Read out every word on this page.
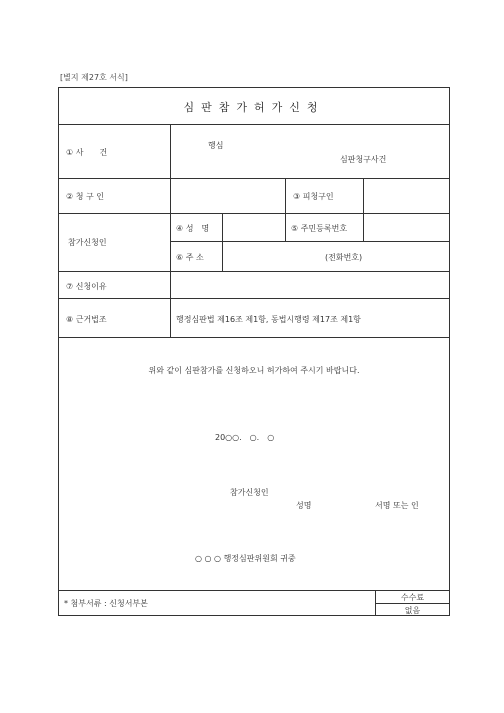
[별지 제27호 서식]
심판참가허가신청
① 사　　건
행심
심판청구사건
② 청 구 인	③ 피청구인
참가신청인
④ 성　명	⑤ 주민등록번호
⑥ 주 소	(전화번호)
⑦ 신청이유
⑧ 근거법조	행정심판법 제16조 제1항, 동법시행령 제17조 제1항
위와 같이 심판참가를 신청하오니 허가하여 주시기 바랍니다.
20○○.　○.　○
참가신청인
성명	서명 또는 인
○ ○ ○ 행정심판위원회 귀중
* 첨부서류 : 신청서부본
수수료
없음
